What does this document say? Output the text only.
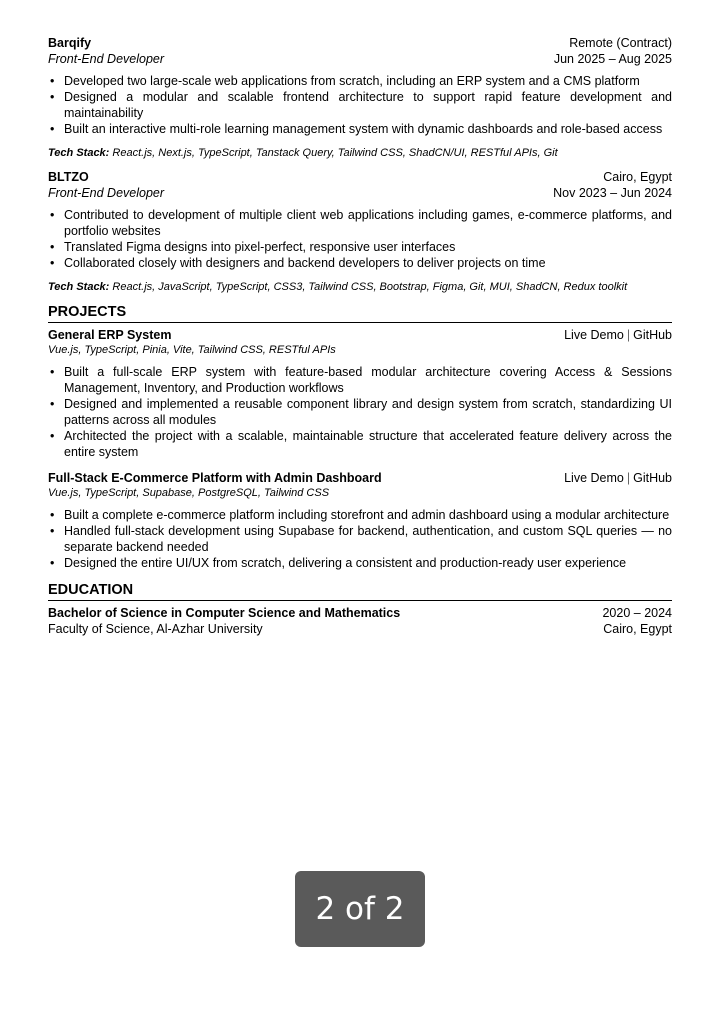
Barqify	Remote (Contract)
Front-End Developer	Jun 2025 – Aug 2025
• Developed two large-scale web applications from scratch, including an ERP system and a CMS platform
• Designed a modular and scalable frontend architecture to support rapid feature development and maintainability
• Built an interactive multi-role learning management system with dynamic dashboards and role-based access
Tech Stack: React.js, Next.js, TypeScript, Tanstack Query, Tailwind CSS, ShadCN/UI, RESTful APIs, Git
BLTZO	Cairo, Egypt
Front-End Developer	Nov 2023 – Jun 2024
• Contributed to development of multiple client web applications including games, e-commerce platforms, and portfolio websites
• Translated Figma designs into pixel-perfect, responsive user interfaces
• Collaborated closely with designers and backend developers to deliver projects on time
Tech Stack: React.js, JavaScript, TypeScript, CSS3, Tailwind CSS, Bootstrap, Figma, Git, MUI, ShadCN, Redux toolkit
PROJECTS
General ERP System	Live Demo | GitHub
Vue.js, TypeScript, Pinia, Vite, Tailwind CSS, RESTful APIs
• Built a full-scale ERP system with feature-based modular architecture covering Access & Sessions Management, Inventory, and Production workflows
• Designed and implemented a reusable component library and design system from scratch, standardizing UI patterns across all modules
• Architected the project with a scalable, maintainable structure that accelerated feature delivery across the entire system
Full-Stack E-Commerce Platform with Admin Dashboard	Live Demo | GitHub
Vue.js, TypeScript, Supabase, PostgreSQL, Tailwind CSS
• Built a complete e-commerce platform including storefront and admin dashboard using a modular architecture
• Handled full-stack development using Supabase for backend, authentication, and custom SQL queries — no separate backend needed
• Designed the entire UI/UX from scratch, delivering a consistent and production-ready user experience
EDUCATION
Bachelor of Science in Computer Science and Mathematics	2020 – 2024
Faculty of Science, Al-Azhar University	Cairo, Egypt
2 of 2
